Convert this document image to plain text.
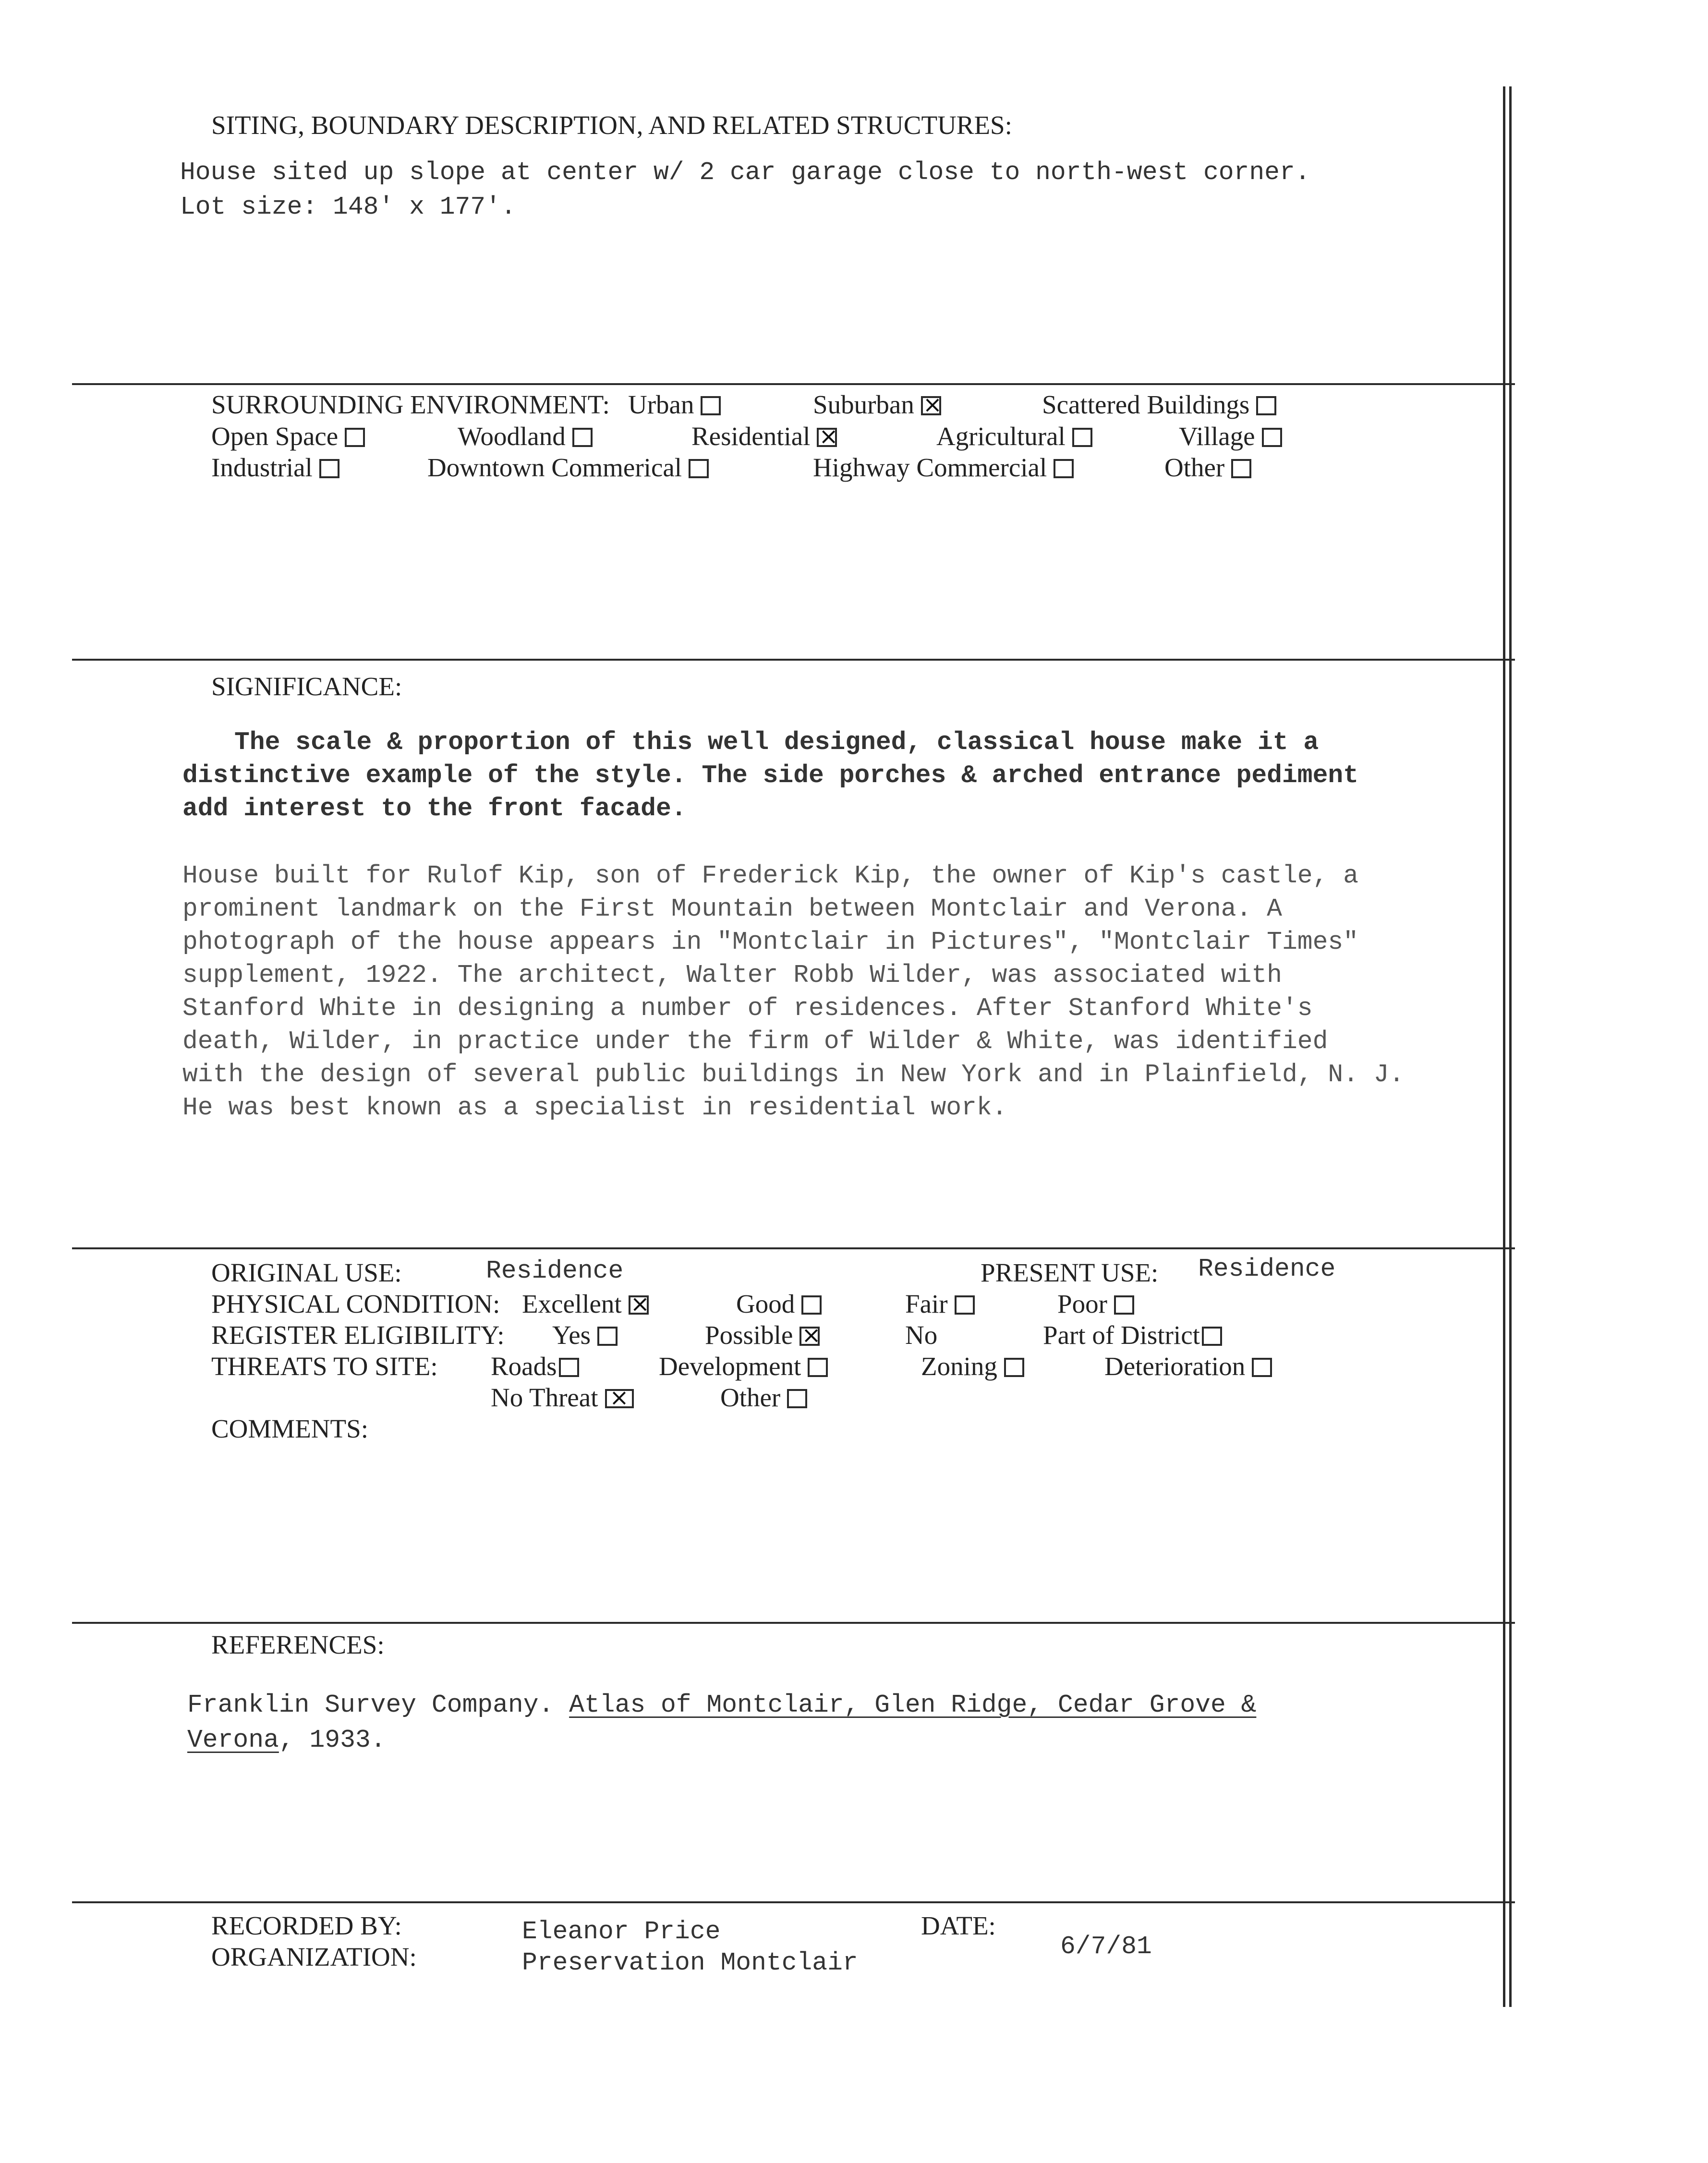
SITING, BOUNDARY DESCRIPTION, AND RELATED STRUCTURES:
House sited up slope at center w/ 2 car garage close to north-west corner.
Lot size: 148' x 177'.
SURROUNDING ENVIRONMENT: Urban	Suburban ×	Scattered Buildings
Open Space	Woodland	Residential ×	Agricultural	Village
Industrial	Downtown Commerical	Highway Commercial	Other
SIGNIFICANCE:
The scale & proportion of this well designed, classical house make it a
distinctive example of the style. The side porches & arched entrance pediment
add interest to the front facade.
House built for Rulof Kip, son of Frederick Kip, the owner of Kip's castle, a
prominent landmark on the First Mountain between Montclair and Verona. A
photograph of the house appears in "Montclair in Pictures", "Montclair Times"
supplement, 1922. The architect, Walter Robb Wilder, was associated with
Stanford White in designing a number of residences. After Stanford White's
death, Wilder, in practice under the firm of Wilder & White, was identified
with the design of several public buildings in New York and in Plainfield, N. J.
He was best known as a specialist in residential work.
ORIGINAL USE:	Residence	PRESENT USE: Residence
PHYSICAL CONDITION: Excellent ×	Good	Fair	Poor
REGISTER ELIGIBILITY: Yes	Possible ×	No	Part of District
THREATS TO SITE: Roads	Development	Zoning	Deterioration
No Threat ×	Other
COMMENTS:
REFERENCES:
Franklin Survey Company. Atlas of Montclair, Glen Ridge, Cedar Grove &
Verona, 1933.
RECORDED BY:	Eleanor Price
ORGANIZATION:	Preservation Montclair
DATE:
6/7/81
